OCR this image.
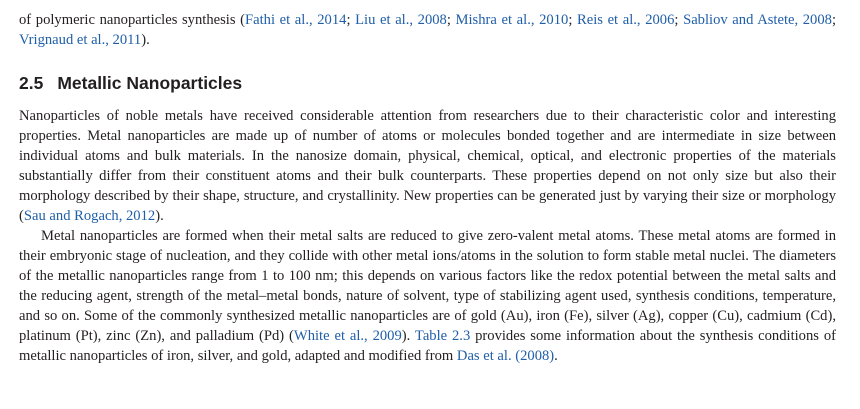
of polymeric nanoparticles synthesis (Fathi et al., 2014; Liu et al., 2008; Mishra et al., 2010; Reis et al., 2006; Sabliov and Astete, 2008; Vrignaud et al., 2011).

2.5 Metallic Nanoparticles

Nanoparticles of noble metals have received considerable attention from researchers due to their characteristic color and interesting properties. Metal nanoparticles are made up of number of atoms or molecules bonded together and are intermediate in size between individual atoms and bulk materials. In the nanosize domain, physical, chemical, optical, and electronic properties of the materials substantially differ from their constituent atoms and their bulk counterparts. These properties depend on not only size but also their morphology described by their shape, structure, and crystallinity. New properties can be generated just by varying their size or morphology (Sau and Rogach, 2012).

Metal nanoparticles are formed when their metal salts are reduced to give zero-valent metal atoms. These metal atoms are formed in their embryonic stage of nucleation, and they collide with other metal ions/atoms in the solution to form stable metal nuclei. The diameters of the metallic nanoparticles range from 1 to 100 nm; this depends on various factors like the redox potential between the metal salts and the reducing agent, strength of the metal–metal bonds, nature of solvent, type of stabilizing agent used, synthesis conditions, temperature, and so on. Some of the commonly synthesized metallic nanoparticles are of gold (Au), iron (Fe), silver (Ag), copper (Cu), cadmium (Cd), platinum (Pt), zinc (Zn), and palladium (Pd) (White et al., 2009). Table 2.3 provides some information about the synthesis conditions of metallic nanoparticles of iron, silver, and gold, adapted and modified from Das et al. (2008).
